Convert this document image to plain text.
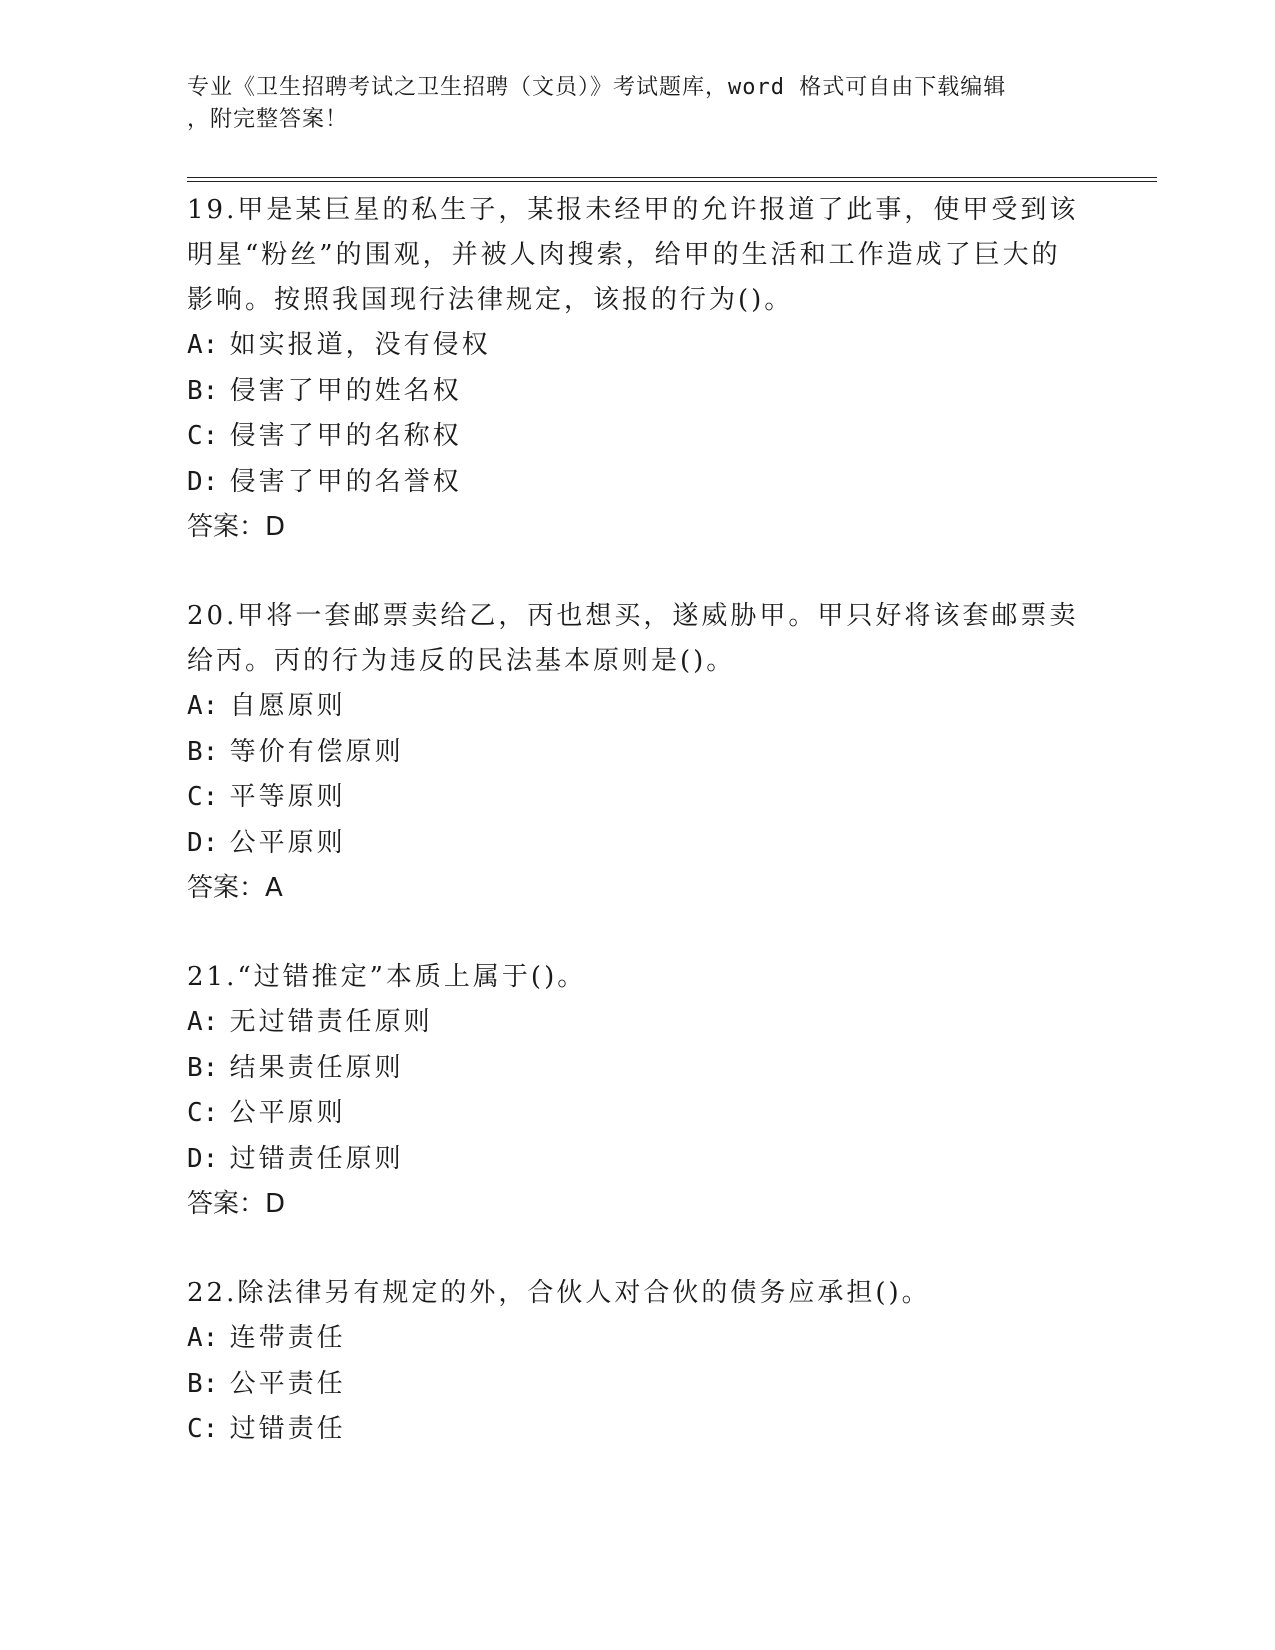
专业《卫生招聘考试之卫生招聘（文员）》考试题库，word 格式可自由下载编辑
，附完整答案！

19.甲是某巨星的私生子，某报未经甲的允许报道了此事，使甲受到该明星“粉丝”的围观，并被人肉搜索，给甲的生活和工作造成了巨大的影响。按照我国现行法律规定，该报的行为()。

A: 如实报道，没有侵权
B: 侵害了甲的姓名权
C: 侵害了甲的名称权
D: 侵害了甲的名誉权

答案：D

20.甲将一套邮票卖给乙，丙也想买，遂威胁甲。甲只好将该套邮票卖给丙。丙的行为违反的民法基本原则是()。

A: 自愿原则
B: 等价有偿原则
C: 平等原则
D: 公平原则

答案：A

21.“过错推定”本质上属于()。

A: 无过错责任原则
B: 结果责任原则
C: 公平原则
D: 过错责任原则

答案：D

22.除法律另有规定的外，合伙人对合伙的债务应承担()。

A: 连带责任
B: 公平责任
C: 过错责任
